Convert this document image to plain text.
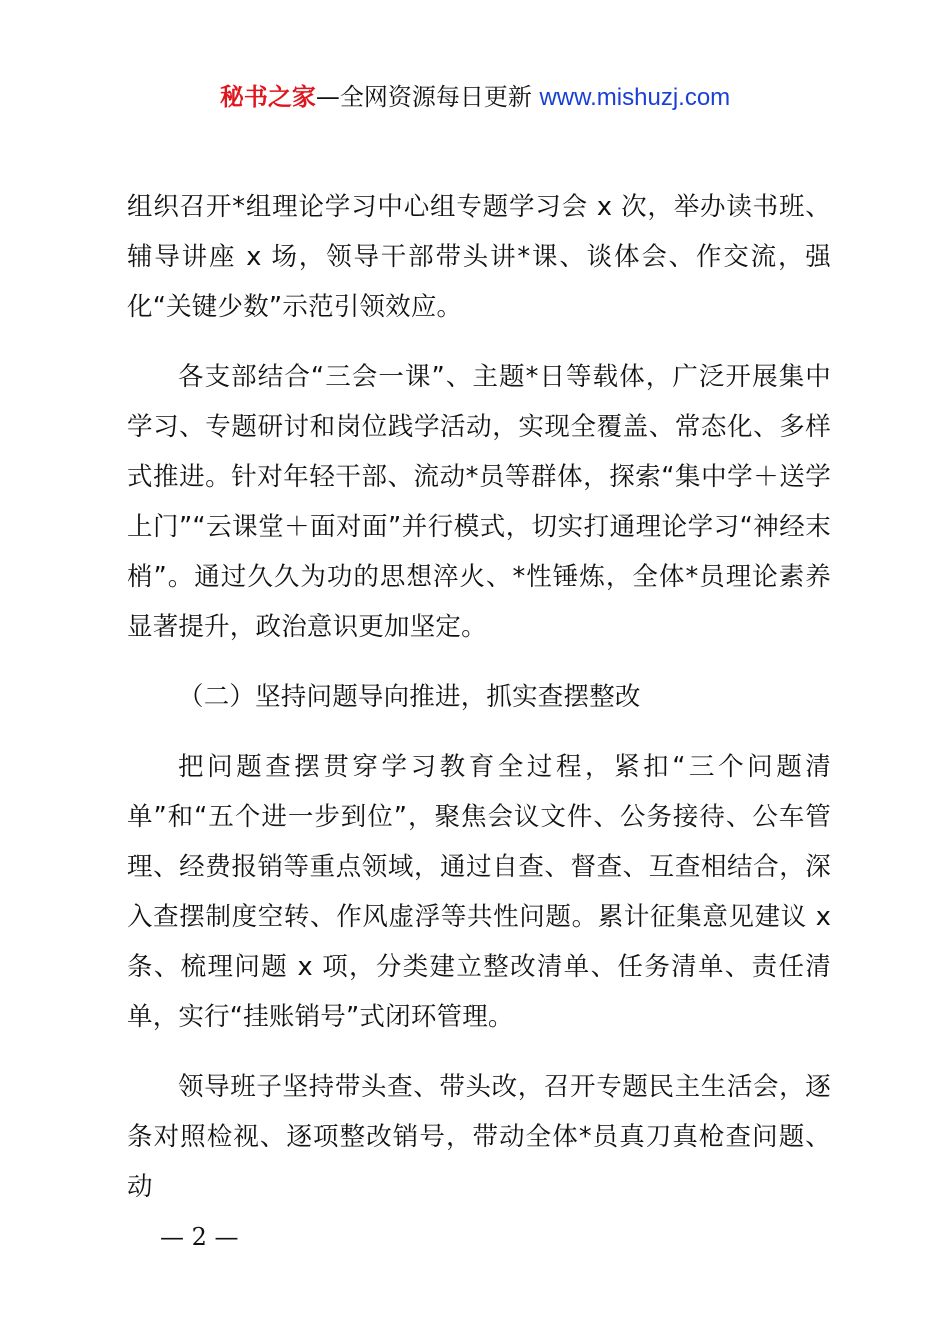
秘书之家—全网资源每日更新 www.mishuzj.com

组织召开*组理论学习中心组专题学习会 x 次，举办读书班、辅导讲座 x 场，领导干部带头讲*课、谈体会、作交流，强化“关键少数”示范引领效应。

各支部结合“三会一课”、主题*日等载体，广泛开展集中学习、专题研讨和岗位践学活动，实现全覆盖、常态化、多样式推进。针对年轻干部、流动*员等群体，探索“集中学＋送学上门”“云课堂＋面对面”并行模式，切实打通理论学习“神经末梢”。通过久久为功的思想淬火、*性锤炼，全体*员理论素养显著提升，政治意识更加坚定。

（二）坚持问题导向推进，抓实查摆整改

把问题查摆贯穿学习教育全过程，紧扣“三个问题清单”和“五个进一步到位”，聚焦会议文件、公务接待、公车管理、经费报销等重点领域，通过自查、督查、互查相结合，深入查摆制度空转、作风虚浮等共性问题。累计征集意见建议 x 条、梳理问题 x 项，分类建立整改清单、任务清单、责任清单，实行“挂账销号”式闭环管理。

领导班子坚持带头查、带头改，召开专题民主生活会，逐条对照检视、逐项整改销号，带动全体*员真刀真枪查问题、动

— 2 —
